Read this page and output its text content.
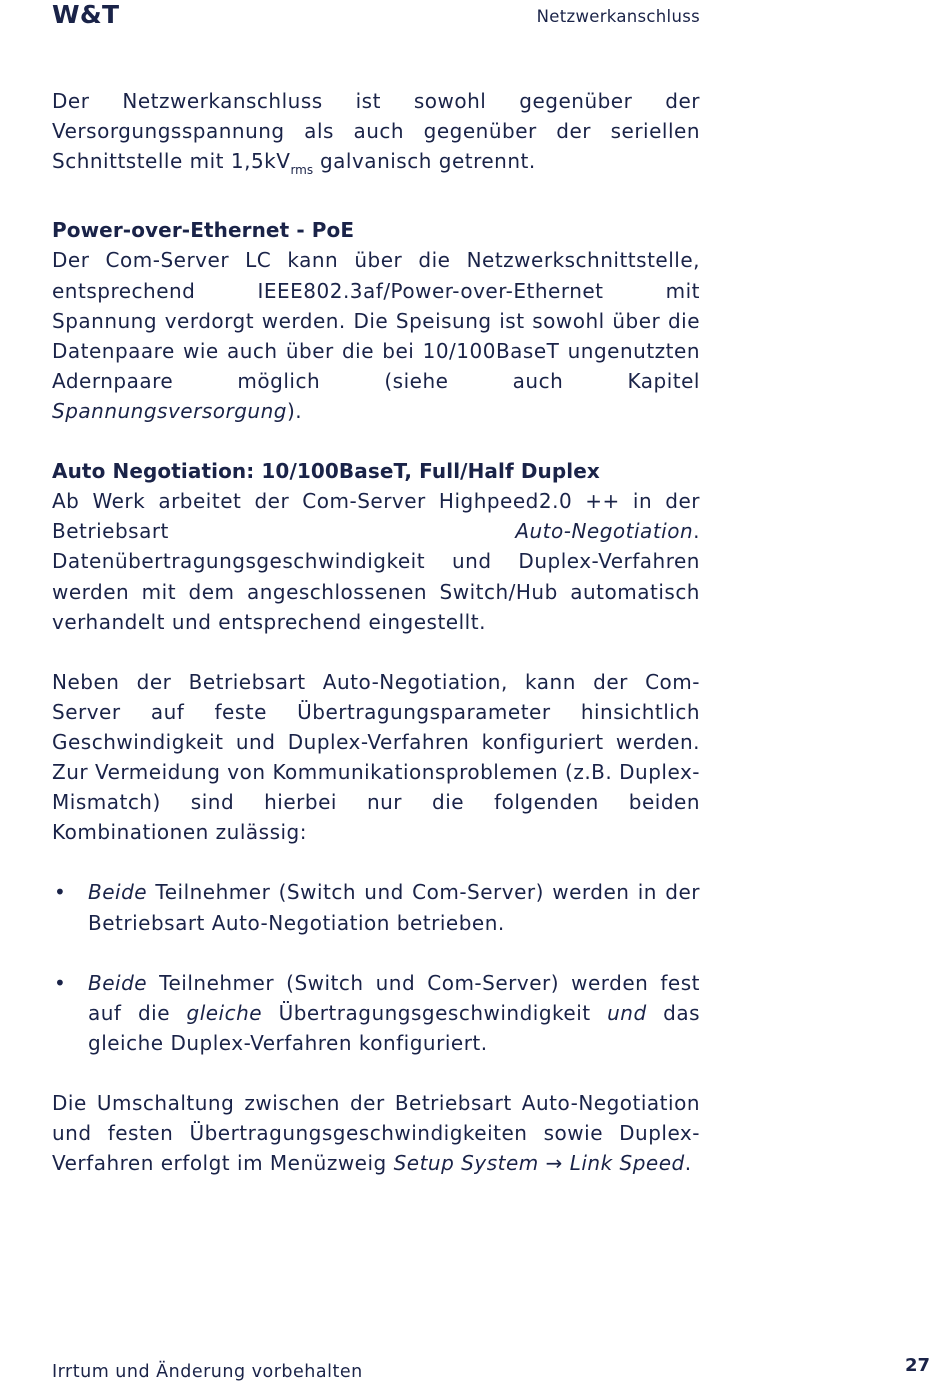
W&T	Netzwerkanschluss

Der Netzwerkanschluss ist sowohl gegenüber der Versorgungsspannung als auch gegenüber der seriellen Schnittstelle mit $1,5kV_{rms}$ galvanisch getrennt.

Power-over-Ethernet - PoE

Der Com-Server LC kann über die Netzwerkschnittstelle, entsprechend IEEE802.3af/Power-over-Ethernet mit Spannung verdorgt werden. Die Speisung ist sowohl über die Datenpaare wie auch über die bei 10/100BaseT ungenutzten Adernpaare möglich (siehe auch Kapitel Spannungsversorgung).

Auto Negotiation: 10/100BaseT, Full/Half Duplex

Ab Werk arbeitet der Com-Server Highpeed2.0 ++ in der Betriebsart Auto-Negotiation. Datenübertragungsgeschwindigkeit und Duplex-Verfahren werden mit dem angeschlossenen Switch/Hub automatisch verhandelt und entsprechend eingestellt.

Neben der Betriebsart Auto-Negotiation, kann der Com-Server auf feste Übertragungsparameter hinsichtlich Geschwindigkeit und Duplex-Verfahren konfiguriert werden. Zur Vermeidung von Kommunikationsproblemen (z.B. Duplex-Mismatch) sind hierbei nur die folgenden beiden Kombinationen zulässig:

• Beide Teilnehmer (Switch und Com-Server) werden in der Betriebsart Auto-Negotiation betrieben.

• Beide Teilnehmer (Switch und Com-Server) werden fest auf die gleiche Übertragungsgeschwindigkeit und das gleiche Duplex-Verfahren konfiguriert.

Die Umschaltung zwischen der Betriebsart Auto-Negotiation und festen Übertragungsgeschwindigkeiten sowie Duplex-Verfahren erfolgt im Menüzweig Setup System → Link Speed.

Irrtum und Änderung vorbehalten	27
